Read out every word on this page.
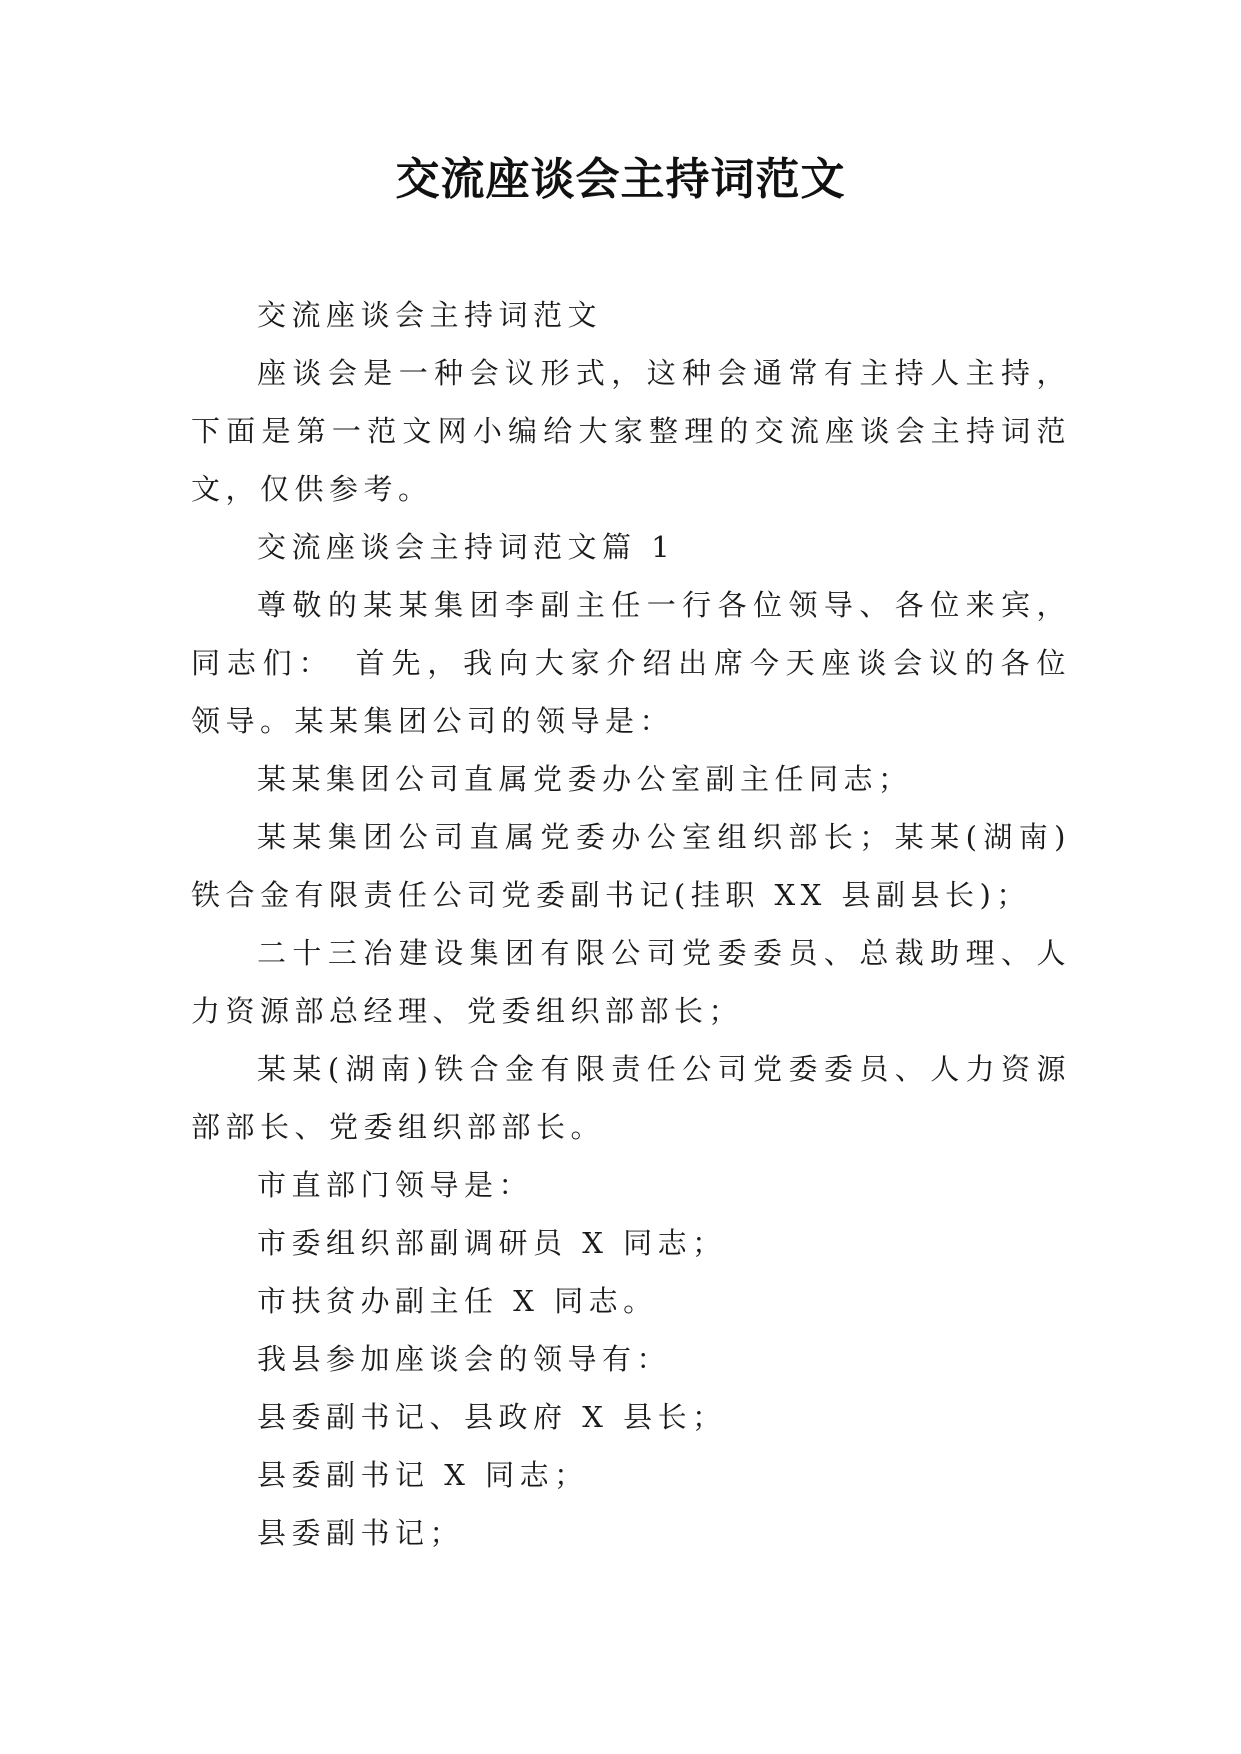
交流座谈会主持词范文

交流座谈会主持词范文

座谈会是一种会议形式，这种会通常有主持人主持，下面是第一范文网小编给大家整理的交流座谈会主持词范文，仅供参考。

交流座谈会主持词范文篇 1

尊敬的某某集团李副主任一行各位领导、各位来宾，同志们：　首先，我向大家介绍出席今天座谈会议的各位领导。某某集团公司的领导是：

某某集团公司直属党委办公室副主任同志；

某某集团公司直属党委办公室组织部长；某某(湖南)铁合金有限责任公司党委副书记(挂职 XX 县副县长)；

二十三冶建设集团有限公司党委委员、总裁助理、人力资源部总经理、党委组织部部长；

某某(湖南)铁合金有限责任公司党委委员、人力资源部部长、党委组织部部长。

市直部门领导是：

市委组织部副调研员 X 同志；

市扶贫办副主任 X 同志。

我县参加座谈会的领导有：

县委副书记、县政府 X 县长；

县委副书记 X 同志；

县委副书记；
